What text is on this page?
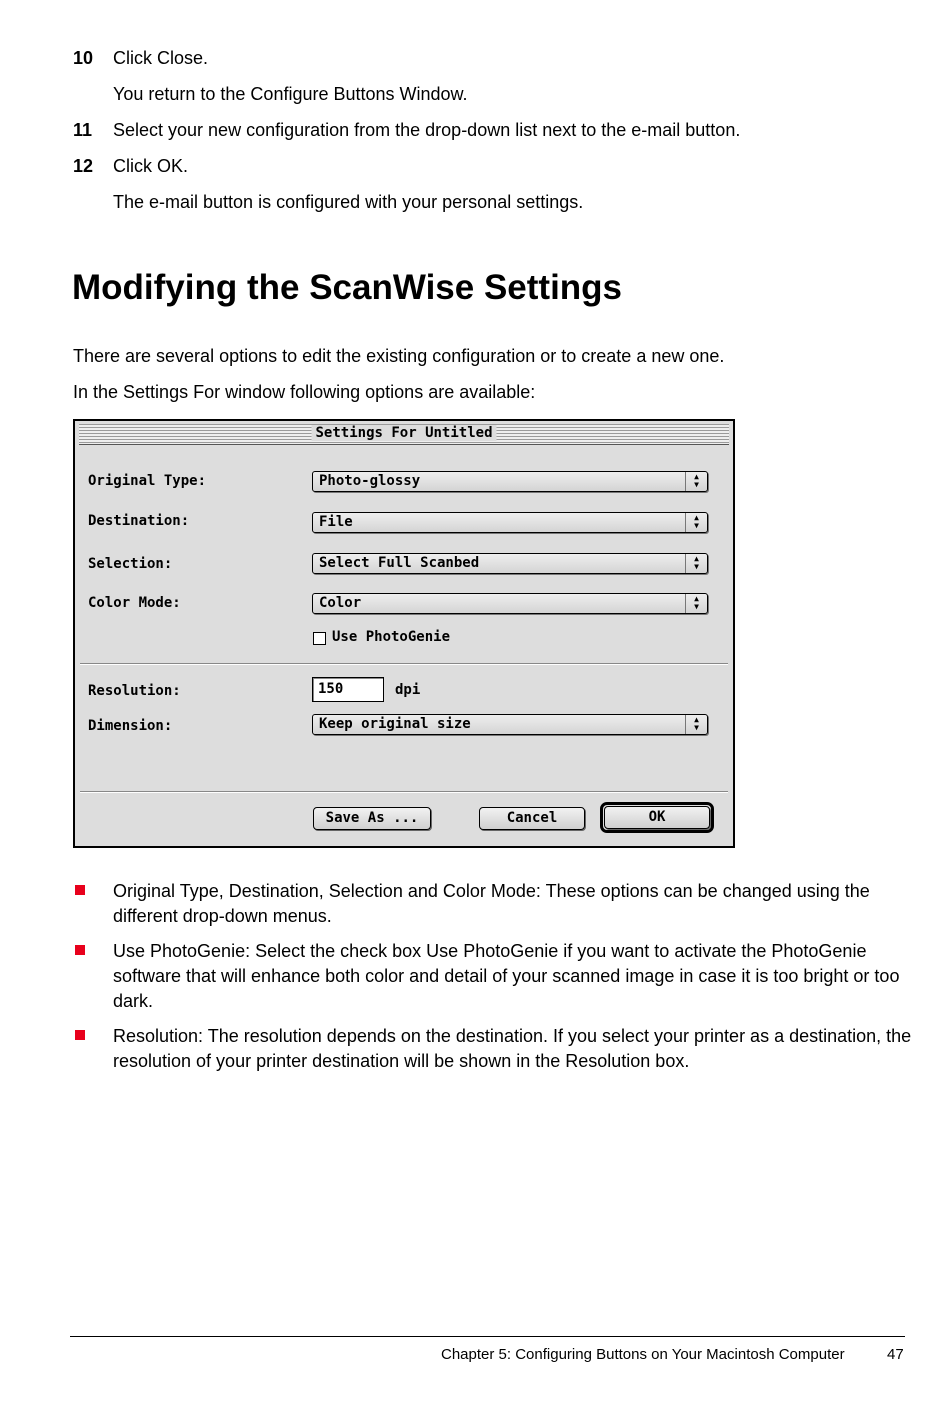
10 Click Close.
You return to the Configure Buttons Window.
11 Select your new configuration from the drop-down list next to the e-mail button.
12 Click OK.
The e-mail button is configured with your personal settings.
Modifying the ScanWise Settings
There are several options to edit the existing configuration or to create a new one.
In the Settings For window following options are available:
Settings For Untitled
Original Type:	Photo-glossy	▲
▼
Destination:	File	▲
▼
Selection:	Select Full Scanbed	▲
▼
Color Mode:	Color	▲
▼
Use PhotoGenie
Resolution:	150	dpi
Dimension:	Keep original size	▲
▼
Save As ...	Cancel	OK
Original Type, Destination, Selection and Color Mode: These options can be changed using the different drop-down menus.
Use PhotoGenie: Select the check box Use PhotoGenie if you want to activate the PhotoGenie software that will enhance both color and detail of your scanned image in case it is too bright or too dark.
Resolution: The resolution depends on the destination. If you select your printer as a destination, the resolution of your printer destination will be shown in the Resolution box.
Chapter 5: Configuring Buttons on Your Macintosh Computer	47
